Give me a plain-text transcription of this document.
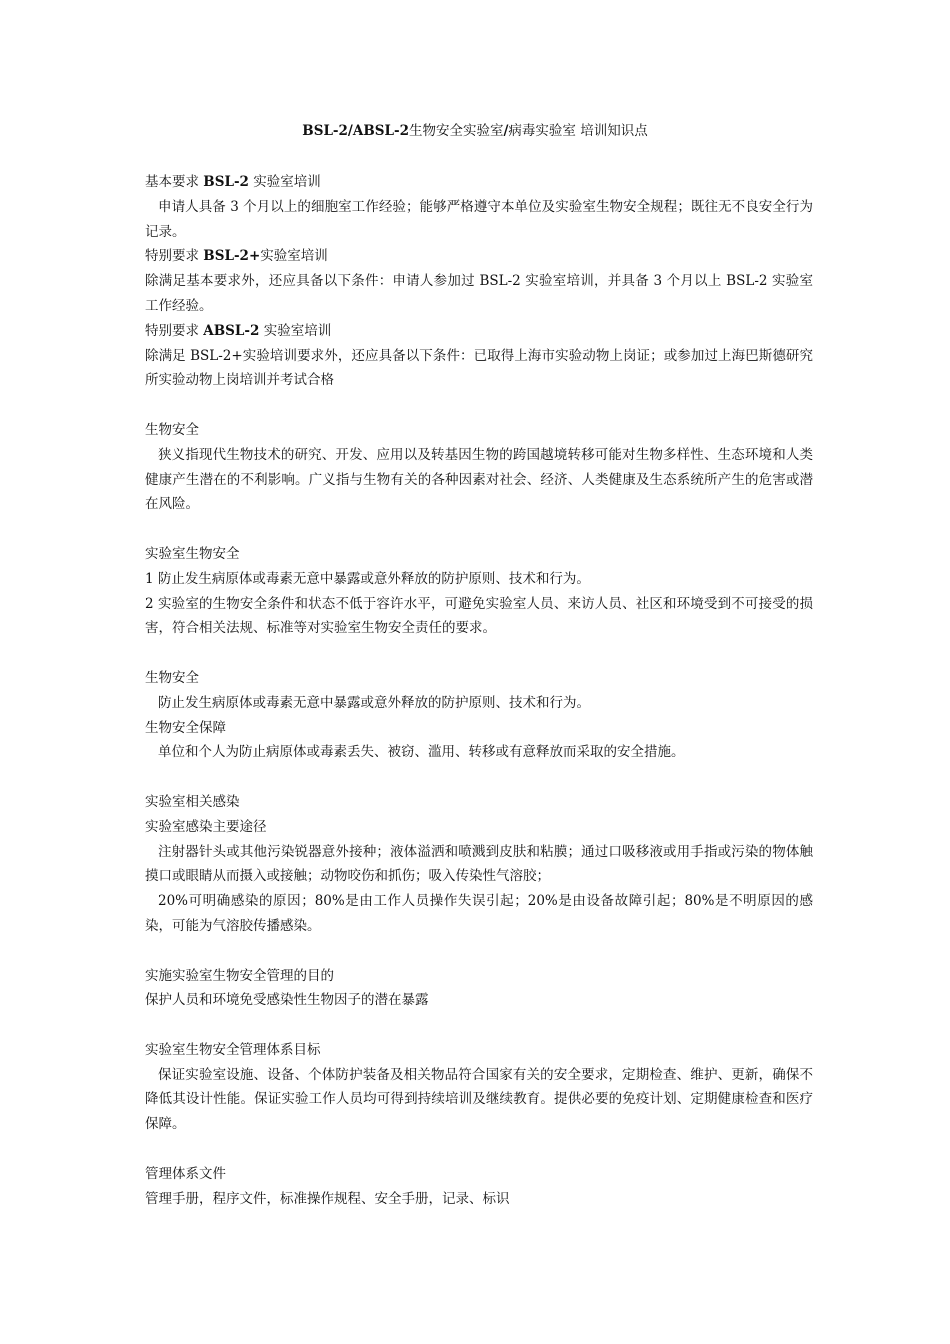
BSL-2/ABSL-2生物安全实验室/病毒实验室 培训知识点

基本要求 BSL-2 实验室培训

申请人具备 3 个月以上的细胞室工作经验；能够严格遵守本单位及实验室生物安全规程；既往无不良安全行为记录。

特别要求 BSL-2+实验室培训

除满足基本要求外，还应具备以下条件：申请人参加过 BSL-2 实验室培训，并具备 3 个月以上 BSL-2 实验室工作经验。

特别要求 ABSL-2 实验室培训

除满足 BSL-2+实验培训要求外，还应具备以下条件：已取得上海市实验动物上岗证；或参加过上海巴斯德研究所实验动物上岗培训并考试合格

生物安全

狭义指现代生物技术的研究、开发、应用以及转基因生物的跨国越境转移可能对生物多样性、生态环境和人类健康产生潜在的不利影响。广义指与生物有关的各种因素对社会、经济、人类健康及生态系统所产生的危害或潜在风险。

实验室生物安全

1 防止发生病原体或毒素无意中暴露或意外释放的防护原则、技术和行为。

2 实验室的生物安全条件和状态不低于容许水平，可避免实验室人员、来访人员、社区和环境受到不可接受的损害，符合相关法规、标准等对实验室生物安全责任的要求。

生物安全

防止发生病原体或毒素无意中暴露或意外释放的防护原则、技术和行为。

生物安全保障

单位和个人为防止病原体或毒素丢失、被窃、滥用、转移或有意释放而采取的安全措施。

实验室相关感染

实验室感染主要途径

注射器针头或其他污染锐器意外接种；液体溢洒和喷溅到皮肤和粘膜；通过口吸移液或用手指或污染的物体触摸口或眼睛从而摄入或接触；动物咬伤和抓伤；吸入传染性气溶胶；

20%可明确感染的原因；80%是由工作人员操作失误引起；20%是由设备故障引起；80%是不明原因的感染，可能为气溶胶传播感染。

实施实验室生物安全管理的目的

保护人员和环境免受感染性生物因子的潜在暴露

实验室生物安全管理体系目标

保证实验室设施、设备、个体防护装备及相关物品符合国家有关的安全要求，定期检查、维护、更新，确保不降低其设计性能。保证实验工作人员均可得到持续培训及继续教育。提供必要的免疫计划、定期健康检查和医疗保障。

管理体系文件

管理手册，程序文件，标准操作规程、安全手册，记录、标识
